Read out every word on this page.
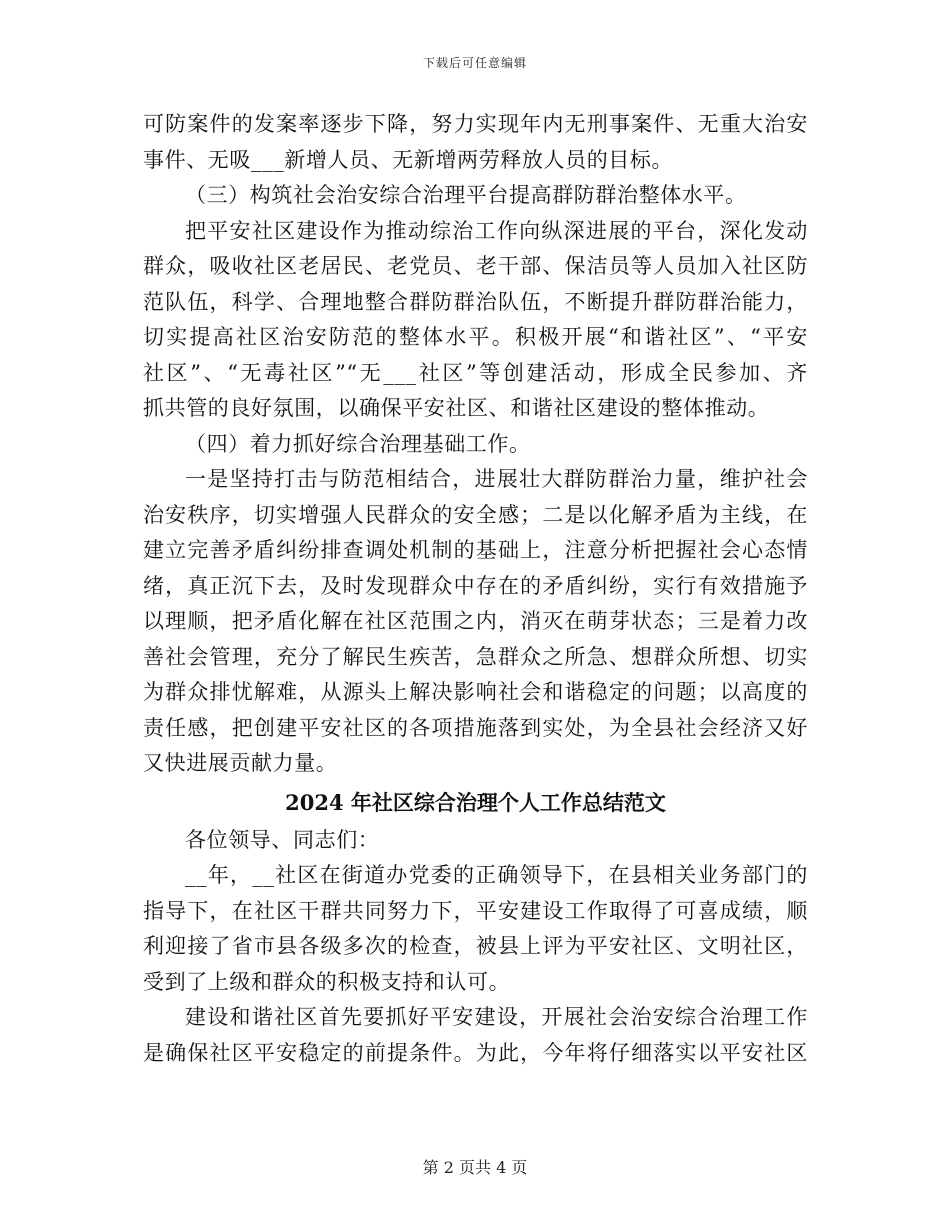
下载后可任意编辑

可防案件的发案率逐步下降，努力实现年内无刑事案件、无重大治安

事件、无吸___新增人员、无新增两劳释放人员的目标。

（三）构筑社会治安综合治理平台提高群防群治整体水平。

把平安社区建设作为推动综治工作向纵深进展的平台，深化发动

群众，吸收社区老居民、老党员、老干部、保洁员等人员加入社区防

范队伍，科学、合理地整合群防群治队伍，不断提升群防群治能力，

切实提高社区治安防范的整体水平。积极开展“和谐社区”、“平安

社区”、“无毒社区”“无___社区”等创建活动，形成全民参加、齐

抓共管的良好氛围，以确保平安社区、和谐社区建设的整体推动。

（四）着力抓好综合治理基础工作。

一是坚持打击与防范相结合，进展壮大群防群治力量，维护社会

治安秩序，切实增强人民群众的安全感；二是以化解矛盾为主线，在

建立完善矛盾纠纷排查调处机制的基础上，注意分析把握社会心态情

绪，真正沉下去，及时发现群众中存在的矛盾纠纷，实行有效措施予

以理顺，把矛盾化解在社区范围之内，消灭在萌芽状态；三是着力改

善社会管理，充分了解民生疾苦，急群众之所急、想群众所想、切实

为群众排忧解难，从源头上解决影响社会和谐稳定的问题；以高度的

责任感，把创建平安社区的各项措施落到实处，为全县社会经济又好

又快进展贡献力量。

2024 年社区综合治理个人工作总结范文

各位领导、同志们：

__年，__社区在街道办党委的正确领导下，在县相关业务部门的

指导下，在社区干群共同努力下，平安建设工作取得了可喜成绩，顺

利迎接了省市县各级多次的检查，被县上评为平安社区、文明社区，

受到了上级和群众的积极支持和认可。

建设和谐社区首先要抓好平安建设，开展社会治安综合治理工作

是确保社区平安稳定的前提条件。为此，今年将仔细落实以平安社区

第 2 页共 4 页
